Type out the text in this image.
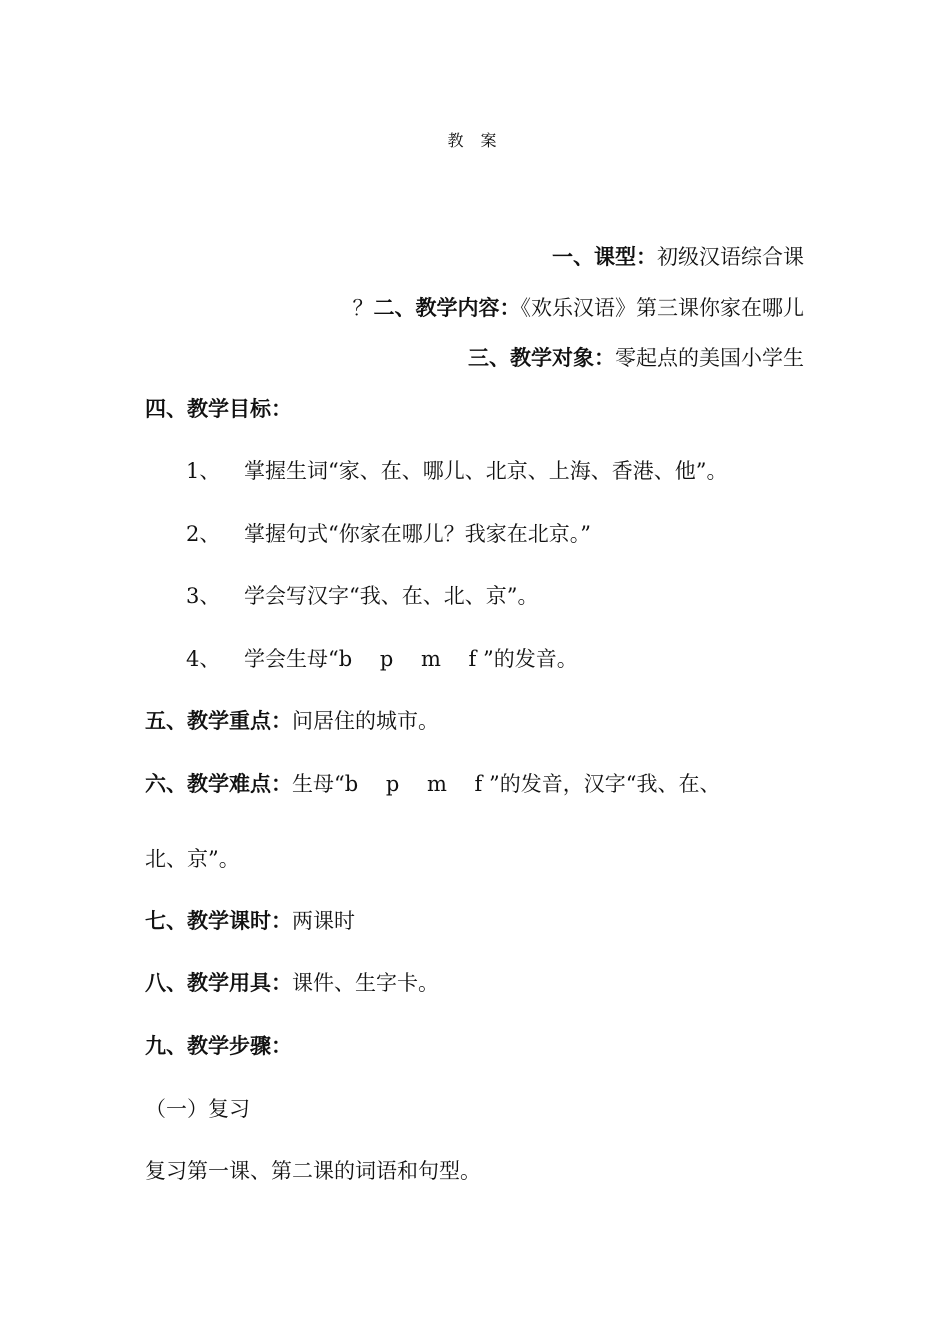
教 案
一、课型：初级汉语综合课
？二、教学内容：《欢乐汉语》第三课你家在哪儿
三、教学对象：零起点的美国小学生
四、教学目标：
1、 掌握生词“家、在、哪儿、北京、上海、香港、他”。
2、 掌握句式“你家在哪儿？我家在北京。”
3、 学会写汉字“我、在、北、京”。
4、 学会生母“b　 p　 m　 f ”的发音。
五、教学重点：问居住的城市。
六、教学难点：生母“b　 p　 m　 f ”的发音，汉字“我、在、
北、京”。
七、教学课时：两课时
八、教学用具：课件、生字卡。
九、教学步骤：
（一）复习
复习第一课、第二课的词语和句型。
